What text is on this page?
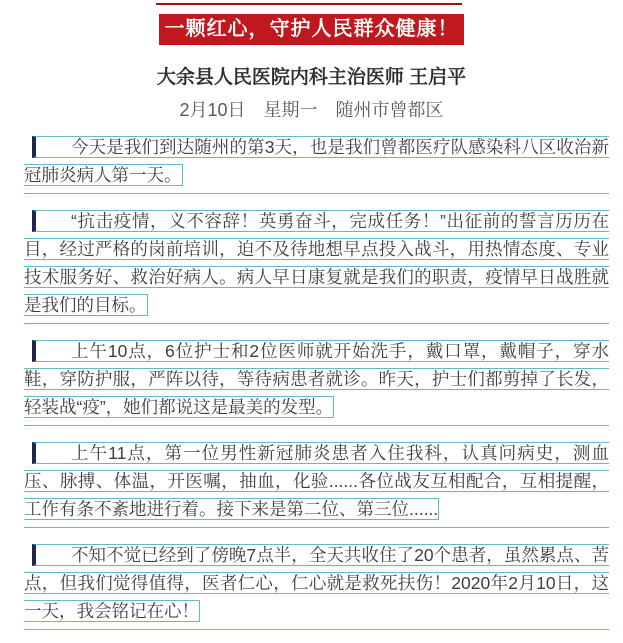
一颗红心，守护人民群众健康！
大余县人民医院内科主治医师 王启平
2月10日　星期一　随州市曾都区

今天是我们到达随州的第3天，也是我们曾都医疗队感染科八区收治新冠肺炎病人第一天。

“抗击疫情，义不容辞！英勇奋斗，完成任务！”出征前的誓言历历在目，经过严格的岗前培训，迫不及待地想早点投入战斗，用热情态度、专业技术服务好、救治好病人。病人早日康复就是我们的职责，疫情早日战胜就是我们的目标。

上午10点，6位护士和2位医师就开始洗手，戴口罩，戴帽子，穿水鞋，穿防护服，严阵以待，等待病患者就诊。昨天，护士们都剪掉了长发，轻装战“疫”，她们都说这是最美的发型。

上午11点，第一位男性新冠肺炎患者入住我科，认真问病史，测血压、脉搏、体温，开医嘱，抽血，化验......各位战友互相配合，互相提醒，工作有条不紊地进行着。接下来是第二位、第三位......

不知不觉已经到了傍晚7点半，全天共收住了20个患者，虽然累点、苦点，但我们觉得值得，医者仁心，仁心就是救死扶伤！2020年2月10日，这一天，我会铭记在心！
